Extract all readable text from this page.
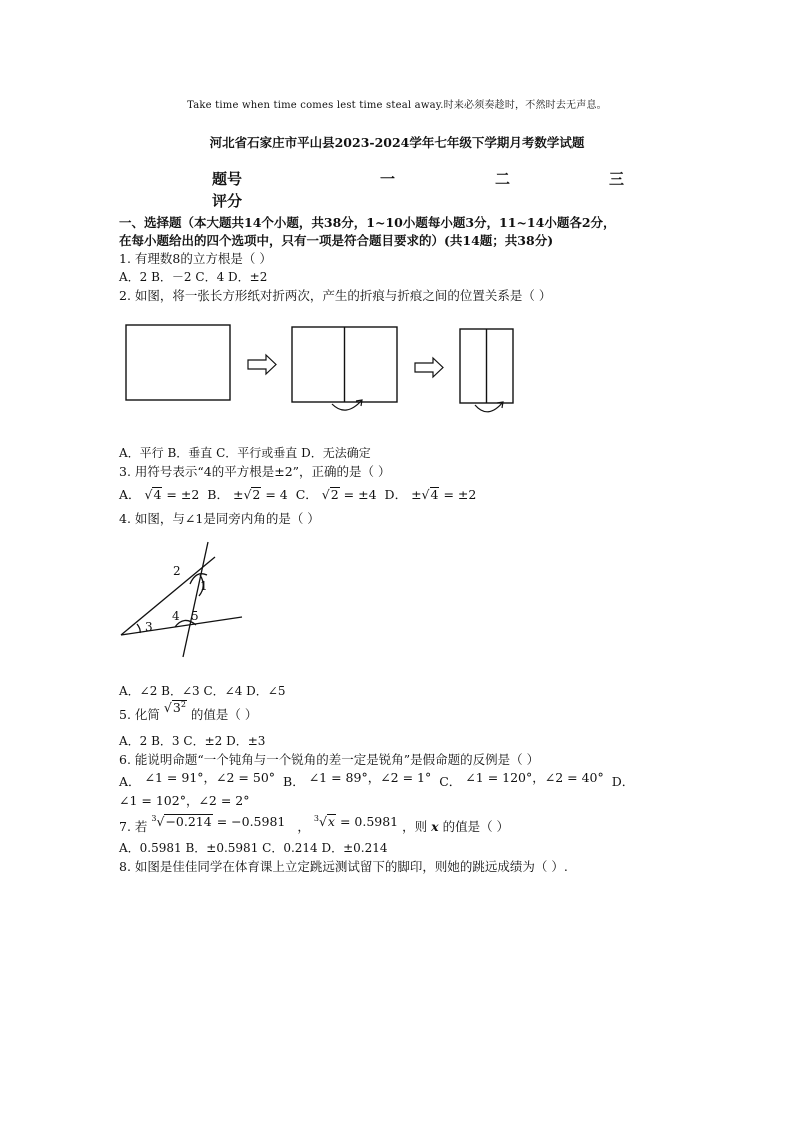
Take time when time comes lest time steal away.时来必须奏趁时，不然时去无声息。
河北省石家庄市平山县2023-2024学年七年级下学期月考数学试题
题号	一	二	三
评分
一、选择题（本大题共14个小题，共38分，1~10小题每小题3分，11~14小题各2分，
在每小题给出的四个选项中，只有一项是符合题目要求的）(共14题；共38分)
1. 有理数8的立方根是（ ）
A．2 B．－2 C．4 D．±2
2. 如图，将一张长方形纸对折两次，产生的折痕与折痕之间的位置关系是（ ）
A．平行 B．垂直 C．平行或垂直 D．无法确定
3. 用符号表示“4的平方根是±2”，正确的是（ ）
A． √4 = ±2 B． ±√2 = 4 C． √2 = ±4 D． ±√4 = ±2
4. 如图，与∠1是同旁内角的是（ ）
2
1
3
4 5
A．∠2 B．∠3 C．∠4 D．∠5
5. 化简 $√3^2$ 的值是（ ）
A．2 B．3 C．±2 D．±3
6. 能说明命题“一个钝角与一个锐角的差一定是锐角”是假命题的反例是（ ）
A． ∠1 = 91°，∠2 = 50° B． ∠1 = 89°，∠2 = 1° C． ∠1 = 120°，∠2 = 40° D．
∠1 = 102°，∠2 = 2°
7. 若 $^3$√−0.214 = −0.5981 ， $^3$√x = 0.5981 ，则 x 的值是（ ）
A．0.5981 B．±0.5981 C．0.214 D．±0.214
8. 如图是佳佳同学在体育课上立定跳远测试留下的脚印，则她的跳远成绩为（ ）.
